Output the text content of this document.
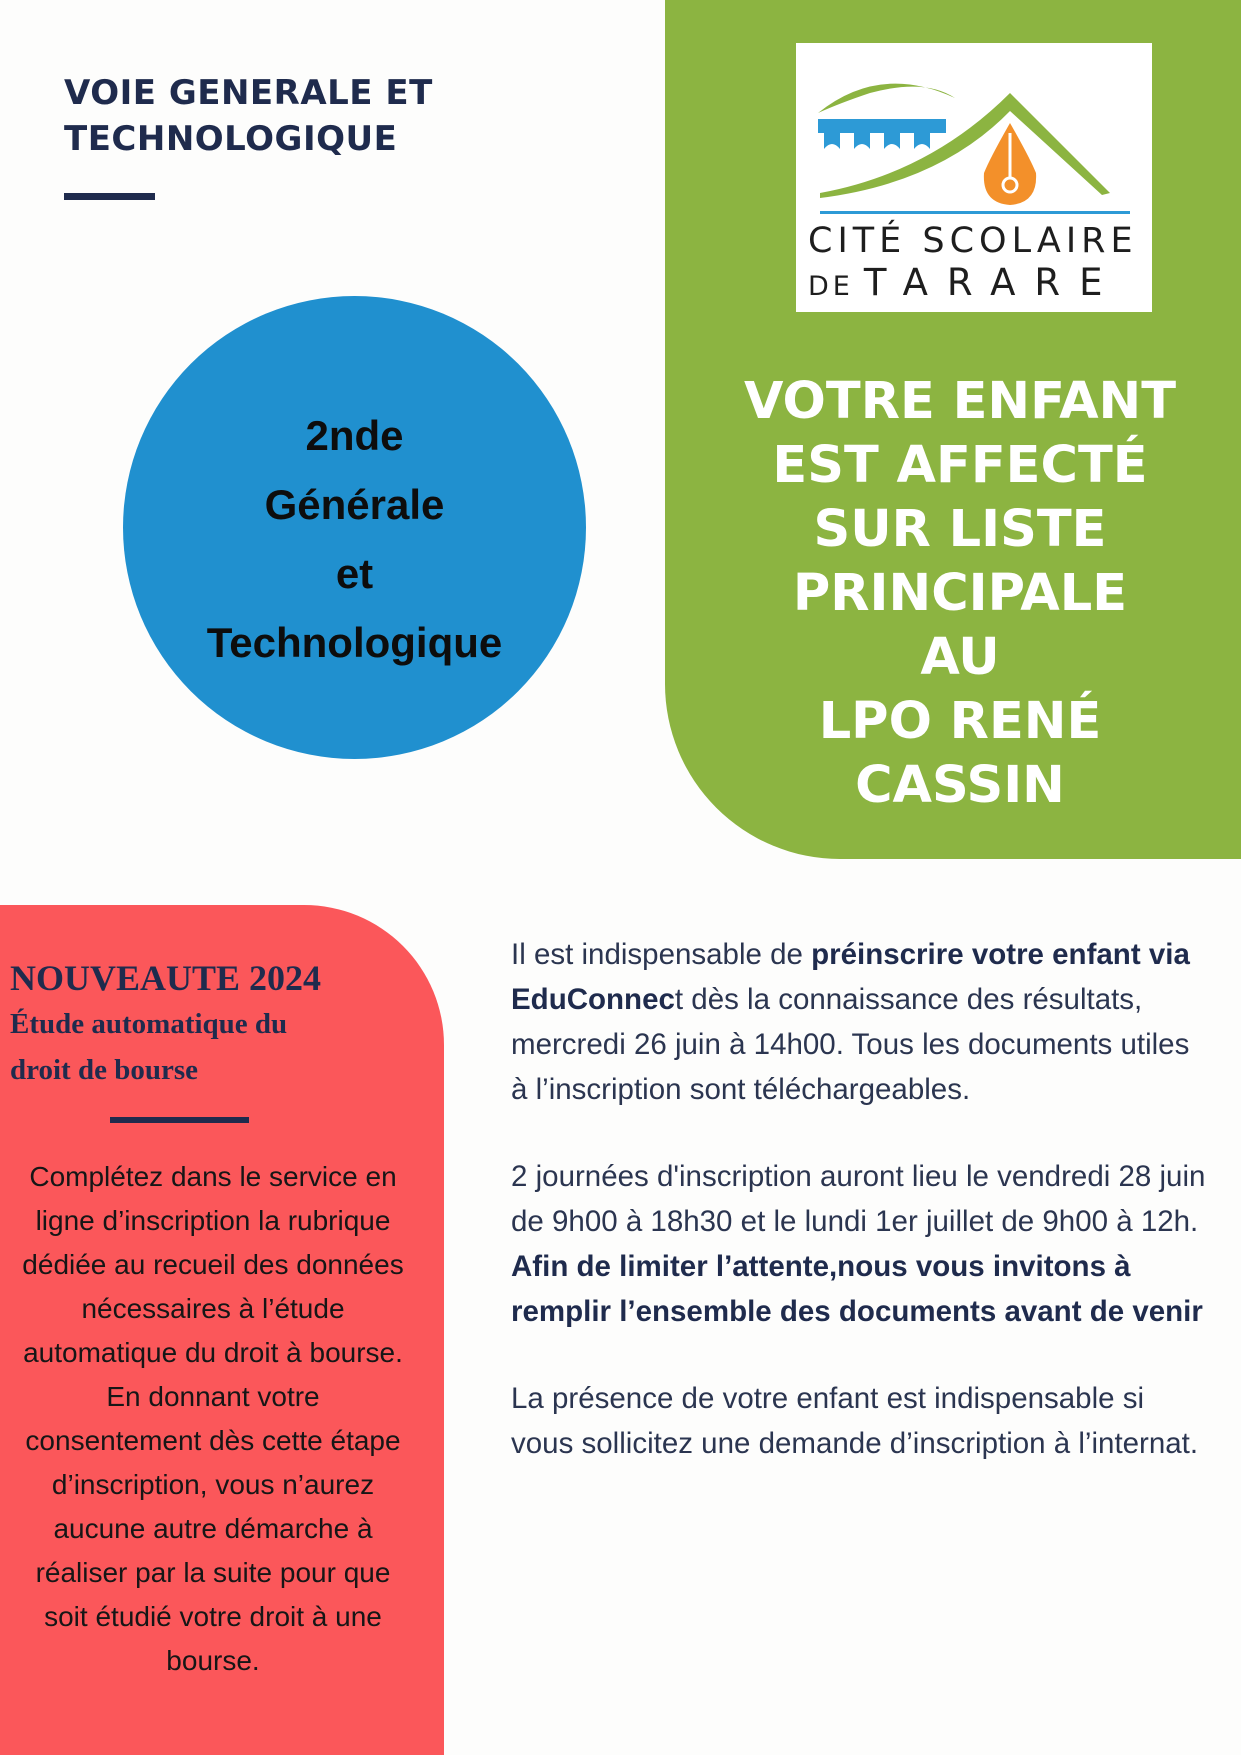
VOIE GENERALE ET
TECHNOLOGIQUE
2nde
Générale
et
Technologique
CITÉ SCOLAIRE
DE TARARE
VOTRE ENFANT
EST AFFECTÉ
SUR LISTE
PRINCIPALE
AU
LPO RENÉ
CASSIN
NOUVEAUTE 2024
Étude automatique du
droit de bourse
Complétez dans le service en ligne d’inscription la rubrique dédiée au recueil des données nécessaires à l’étude automatique du droit à bourse. En donnant votre consentement dès cette étape d’inscription, vous n’aurez aucune autre démarche à réaliser par la suite pour que soit étudié votre droit à une bourse.

Il est indispensable de préinscrire votre enfant via EduConnect dès la connaissance des résultats, mercredi 26 juin à 14h00. Tous les documents utiles à l’inscription sont téléchargeables.

2 journées d'inscription auront lieu le vendredi 28 juin de 9h00 à 18h30 et le lundi 1er juillet de 9h00 à 12h. Afin de limiter l’attente,nous vous invitons à remplir l’ensemble des documents avant de venir

La présence de votre enfant est indispensable si vous sollicitez une demande d’inscription à l’internat.
